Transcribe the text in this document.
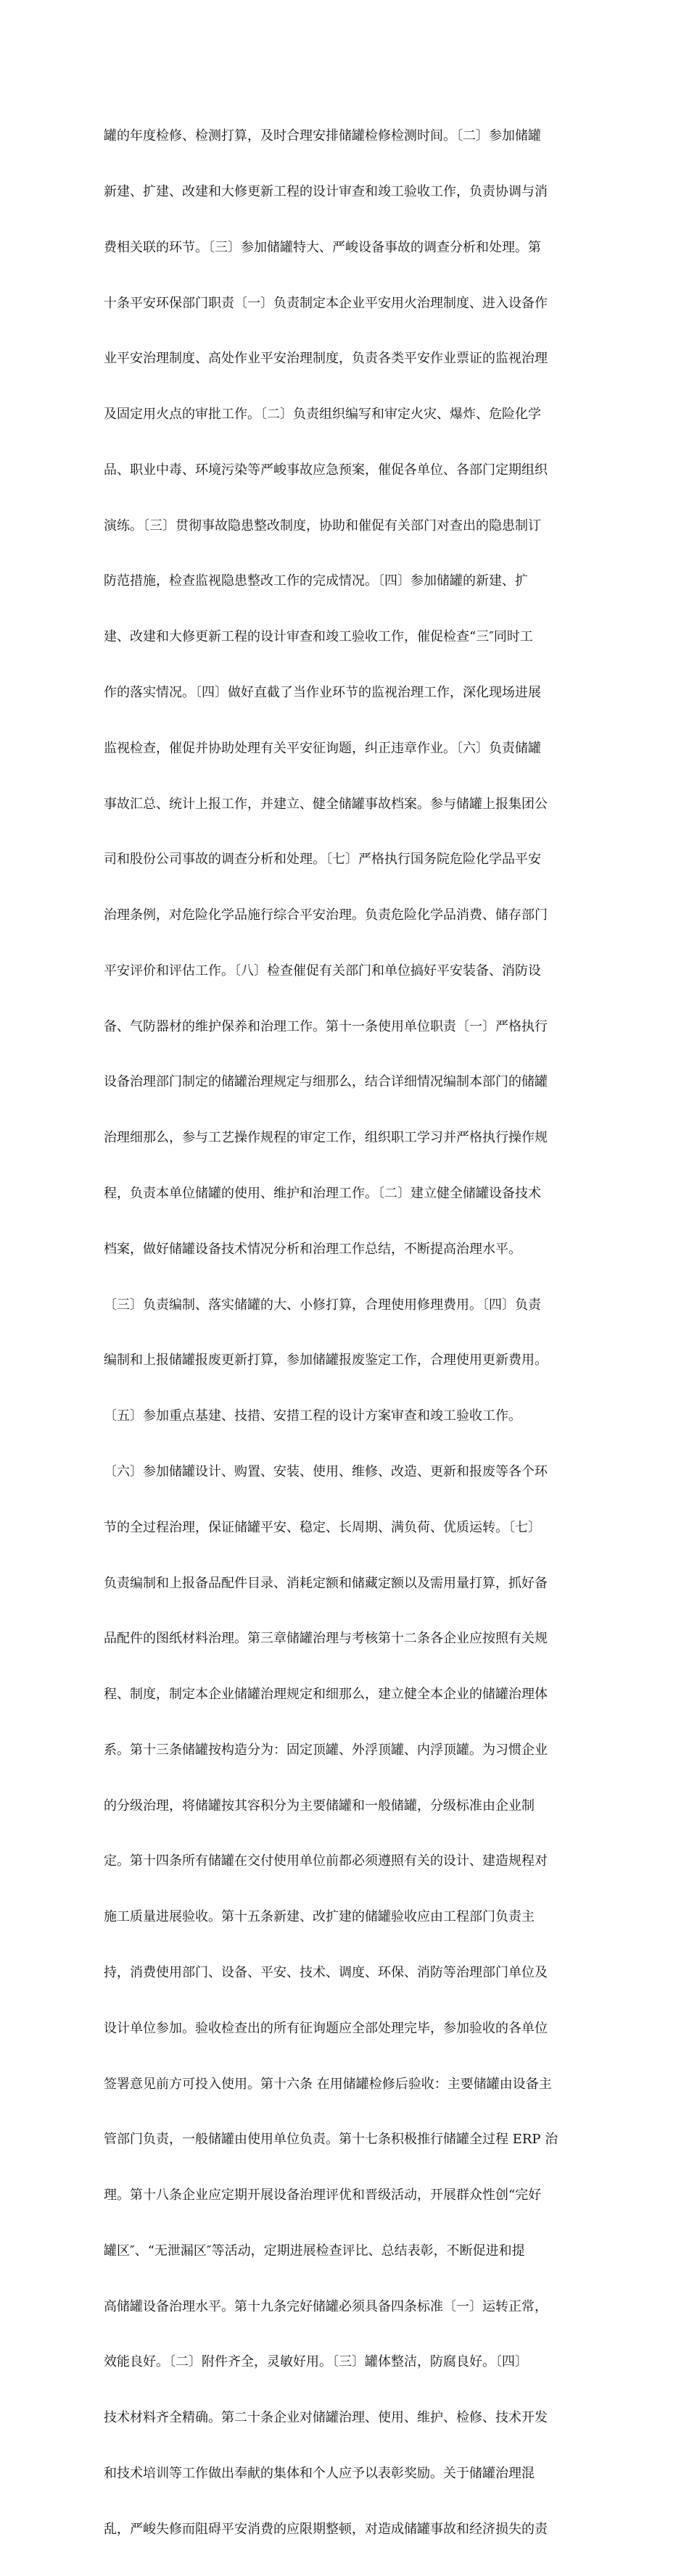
罐的年度检修、检测打算，及时合理安排储罐检修检测时间。〔二〕参加储罐

新建、扩建、改建和大修更新工程的设计审查和竣工验收工作，负责协调与消

费相关联的环节。〔三〕参加储罐特大、严峻设备事故的调查分析和处理。第

十条平安环保部门职责〔一〕负责制定本企业平安用火治理制度、进入设备作

业平安治理制度、高处作业平安治理制度，负责各类平安作业票证的监视治理

及固定用火点的审批工作。〔二〕负责组织编写和审定火灾、爆炸、危险化学

品、职业中毒、环境污染等严峻事故应急预案，催促各单位、各部门定期组织

演练。〔三〕贯彻事故隐患整改制度，协助和催促有关部门对查出的隐患制订

防范措施，检查监视隐患整改工作的完成情况。〔四〕参加储罐的新建、扩

建、改建和大修更新工程的设计审查和竣工验收工作，催促检查“三″同时工

作的落实情况。〔四〕做好直截了当作业环节的监视治理工作，深化现场进展

监视检查，催促并协助处理有关平安征询题，纠正违章作业。〔六〕负责储罐

事故汇总、统计上报工作，并建立、健全储罐事故档案。参与储罐上报集团公

司和股份公司事故的调查分析和处理。〔七〕严格执行国务院危险化学品平安

治理条例，对危险化学品施行综合平安治理。负责危险化学品消费、储存部门

平安评价和评估工作。〔八〕检查催促有关部门和单位搞好平安装备、消防设

备、气防器材的维护保养和治理工作。第十一条使用单位职责〔一〕严格执行

设备治理部门制定的储罐治理规定与细那么，结合详细情况编制本部门的储罐

治理细那么，参与工艺操作规程的审定工作，组织职工学习并严格执行操作规

程，负责本单位储罐的使用、维护和治理工作。〔二〕建立健全储罐设备技术

档案，做好储罐设备技术情况分析和治理工作总结，不断提高治理水平。

〔三〕负责编制、落实储罐的大、小修打算，合理使用修理费用。〔四〕负责

编制和上报储罐报废更新打算，参加储罐报废鉴定工作，合理使用更新费用。

〔五〕参加重点基建、技措、安措工程的设计方案审查和竣工验收工作。

〔六〕参加储罐设计、购置、安装、使用、维修、改造、更新和报废等各个环

节的全过程治理，保证储罐平安、稳定、长周期、满负荷、优质运转。〔七〕

负责编制和上报备品配件目录、消耗定额和储藏定额以及需用量打算，抓好备

品配件的图纸材料治理。第三章储罐治理与考核第十二条各企业应按照有关规

程、制度，制定本企业储罐治理规定和细那么，建立健全本企业的储罐治理体

系。第十三条储罐按构造分为：固定顶罐、外浮顶罐、内浮顶罐。为习惯企业

的分级治理，将储罐按其容积分为主要储罐和一般储罐，分级标准由企业制

定。第十四条所有储罐在交付使用单位前都必须遵照有关的设计、建造规程对

施工质量进展验收。第十五条新建、改扩建的储罐验收应由工程部门负责主

持，消费使用部门、设备、平安、技术、调度、环保、消防等治理部门单位及

设计单位参加。验收检查出的所有征询题应全部处理完毕，参加验收的各单位

签署意见前方可投入使用。第十六条 在用储罐检修后验收：主要储罐由设备主

管部门负责，一般储罐由使用单位负责。第十七条积极推行储罐全过程 ERP 治

理。第十八条企业应定期开展设备治理评优和晋级活动，开展群众性创“完好

罐区″、“无泄漏区″等活动，定期进展检查评比、总结表彰，不断促进和提

高储罐设备治理水平。第十九条完好储罐必须具备四条标准〔一〕运转正常，

效能良好。〔二〕附件齐全，灵敏好用。〔三〕罐体整洁，防腐良好。〔四〕

技术材料齐全精确。第二十条企业对储罐治理、使用、维护、检修、技术开发

和技术培训等工作做出奉献的集体和个人应予以表彰奖励。关于储罐治理混

乱，严峻失修而阻碍平安消费的应限期整顿，对造成储罐事故和经济损失的责
